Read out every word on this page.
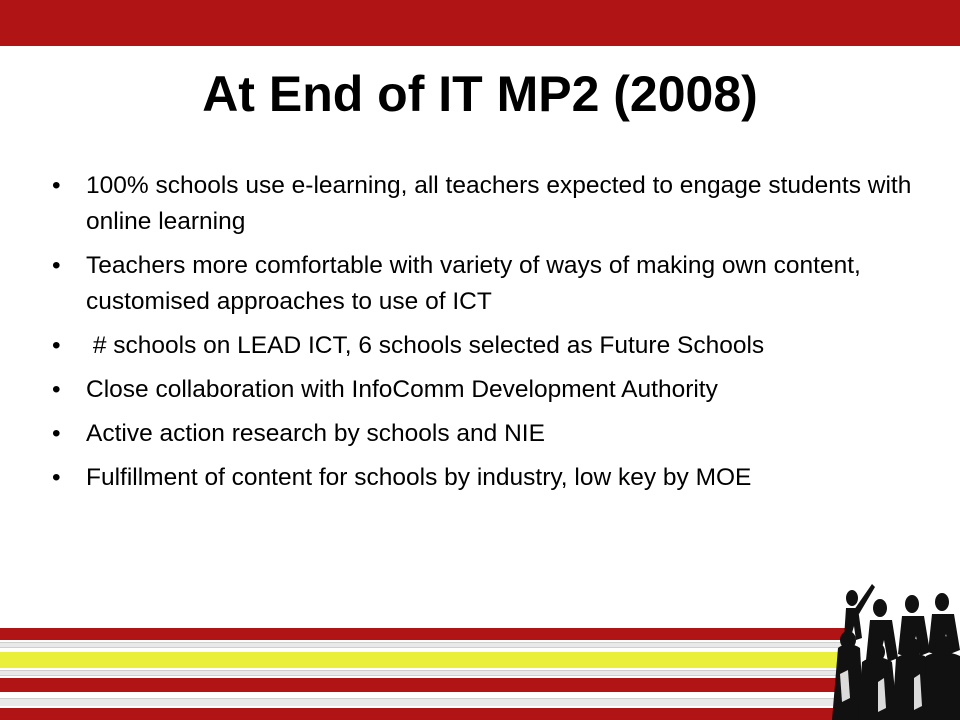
At End of IT MP2 (2008)
• 100% schools use e-learning, all teachers expected to engage students with online learning
• Teachers more comfortable with variety of ways of making own content, customised approaches to use of ICT
• # schools on LEAD ICT, 6 schools selected as Future Schools
• Close collaboration with InfoComm Development Authority
• Active action research by schools and NIE
• Fulfillment of content for schools by industry, low key by MOE
